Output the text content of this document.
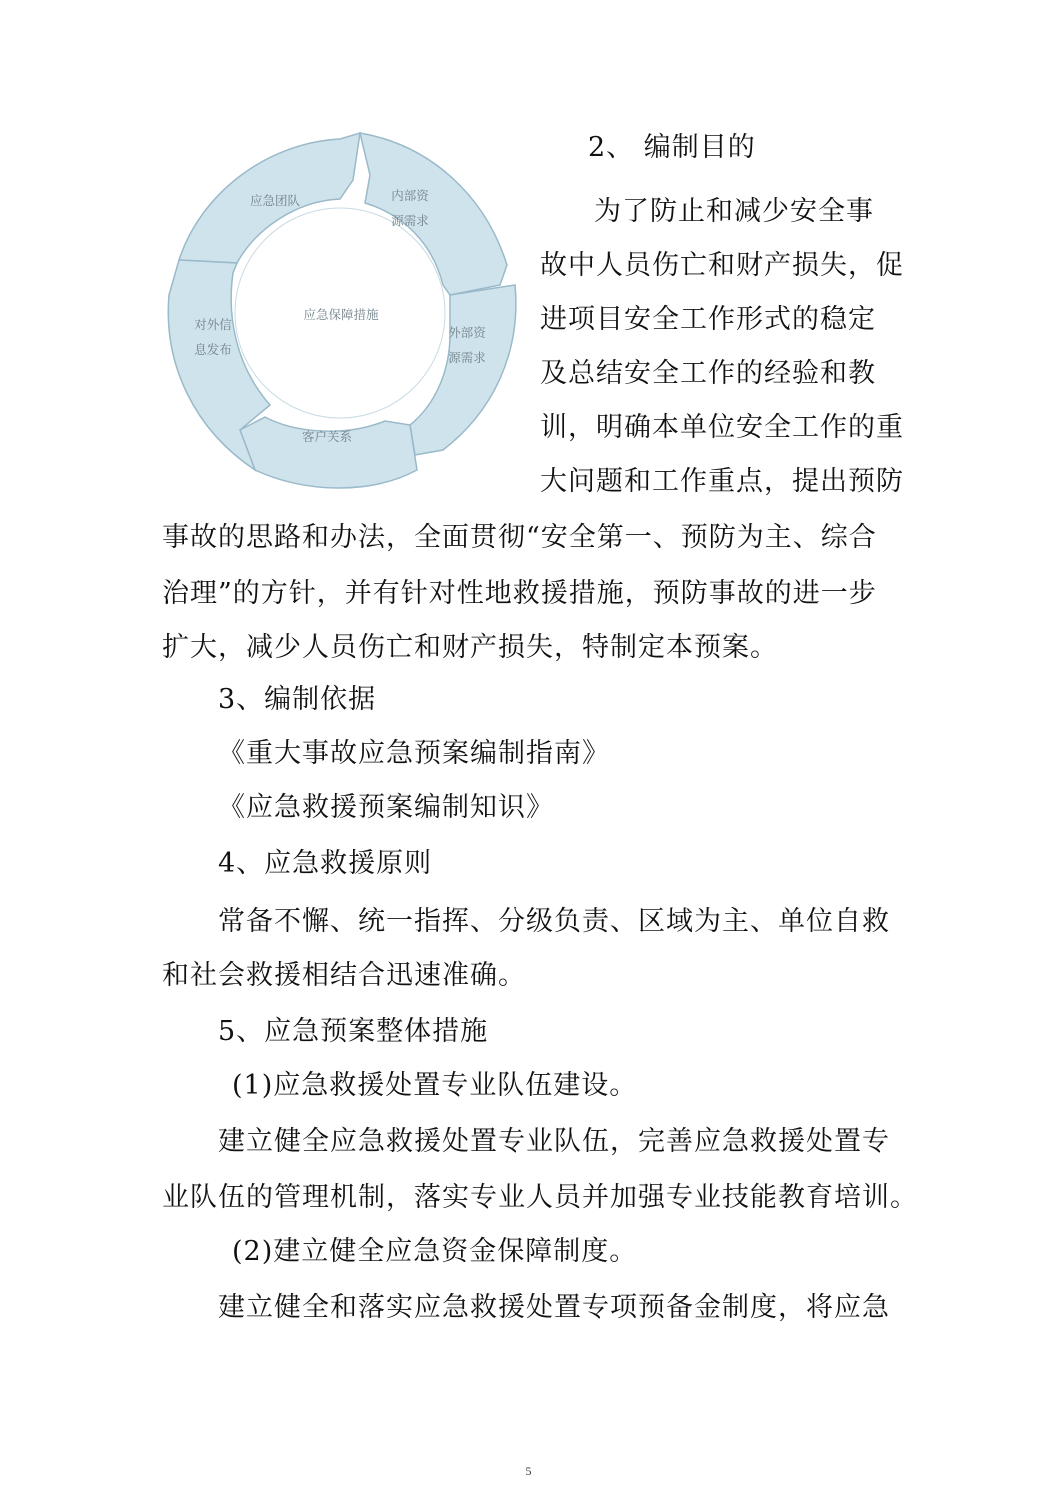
应急保障措施
应急团队	内部资
源需求
外部资
源需求
客户关系
对外信
息发布
2、 编制目的
为了防止和减少安全事
故中人员伤亡和财产损失，促
进项目安全工作形式的稳定
及总结安全工作的经验和教
训，明确本单位安全工作的重
大问题和工作重点，提出预防
事故的思路和办法，全面贯彻“安全第一、预防为主、综合
治理”的方针，并有针对性地救援措施，预防事故的进一步
扩大，减少人员伤亡和财产损失，特制定本预案。
3、编制依据
《重大事故应急预案编制指南》
《应急救援预案编制知识》
4、应急救援原则
常备不懈、统一指挥、分级负责、区域为主、单位自救
和社会救援相结合迅速准确。
5、应急预案整体措施
(1)应急救援处置专业队伍建设。
建立健全应急救援处置专业队伍，完善应急救援处置专
业队伍的管理机制，落实专业人员并加强专业技能教育培训。
(2)建立健全应急资金保障制度。
建立健全和落实应急救援处置专项预备金制度，将应急
5
